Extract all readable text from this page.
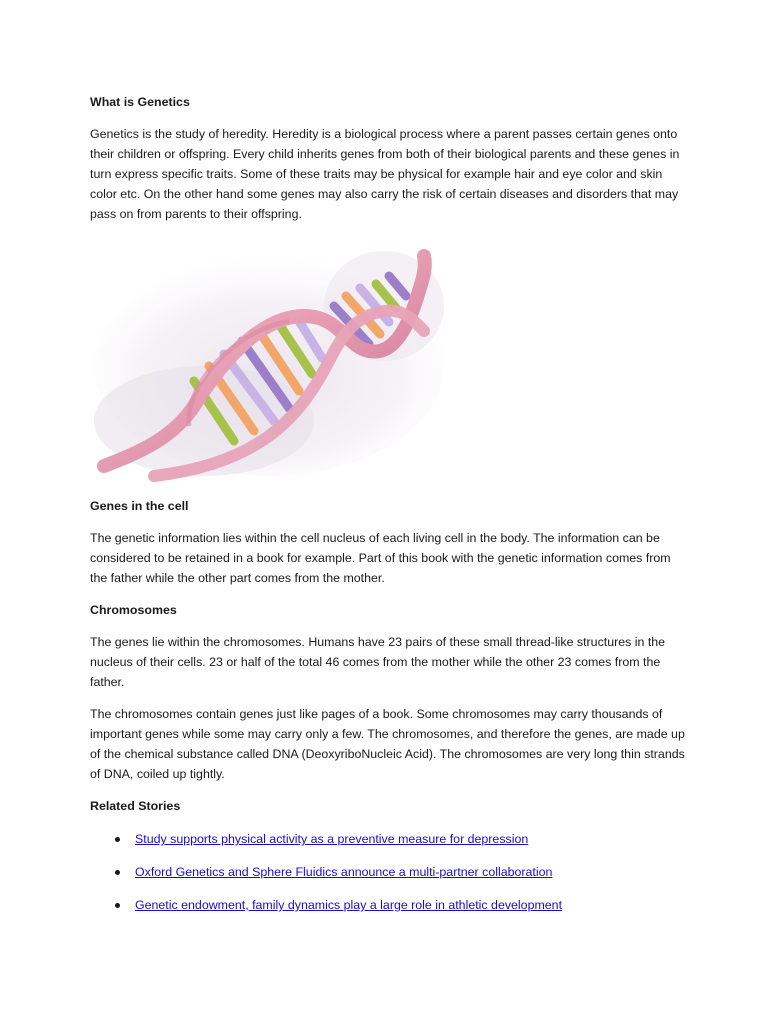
What is Genetics

Genetics is the study of heredity. Heredity is a biological process where a parent passes certain genes onto their children or offspring. Every child inherits genes from both of their biological parents and these genes in turn express specific traits. Some of these traits may be physical for example hair and eye color and skin color etc. On the other hand some genes may also carry the risk of certain diseases and disorders that may pass on from parents to their offspring.

Genes in the cell

The genetic information lies within the cell nucleus of each living cell in the body. The information can be considered to be retained in a book for example. Part of this book with the genetic information comes from the father while the other part comes from the mother.

Chromosomes

The genes lie within the chromosomes. Humans have 23 pairs of these small thread-like structures in the nucleus of their cells. 23 or half of the total 46 comes from the mother while the other 23 comes from the father.

The chromosomes contain genes just like pages of a book. Some chromosomes may carry thousands of important genes while some may carry only a few. The chromosomes, and therefore the genes, are made up of the chemical substance called DNA (DeoxyriboNucleic Acid). The chromosomes are very long thin strands of DNA, coiled up tightly.

Related Stories
Study supports physical activity as a preventive measure for depression
Oxford Genetics and Sphere Fluidics announce a multi-partner collaboration
Genetic endowment, family dynamics play a large role in athletic development
